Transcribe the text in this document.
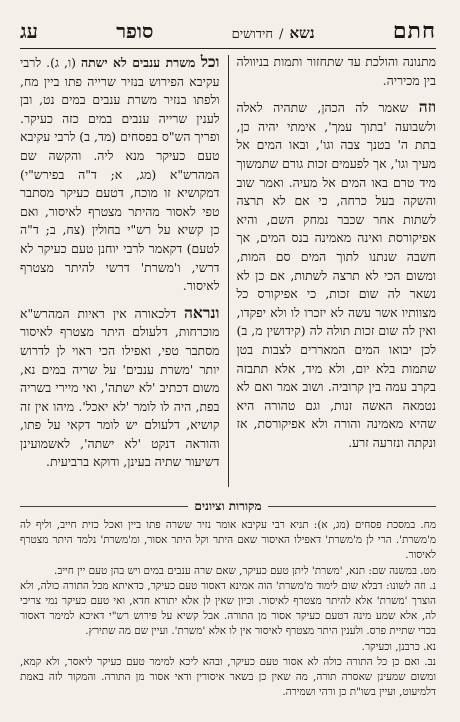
חתם
נשא
/
חידושים
סופר
עג

מתנונה והולכת עד שתחזור ותמות בניוולה בין מכיריה.

וזה שאמר לה הכהן, שתהיה לאלה ולשבועה 'בתוך עמך', אימתי יהיה כן, בתת ה' בטנך צבה וגו', ובאו המים אל מעיך וגו', אך לפעמים זכות גורם שתמשוך מיד טרם באו המים אל מעיה. ואמר שוב והשקה בעל כרחה, כי אם לא תרצה לשתות אחר שכבר נמחק השם, והיא אפיקורסת ואינה מאמינה בנס המים, אך חשבה שנתנו לתוך המים סם המות, ומשום הכי לא תרצה לשתות, אם כן לא נשאר לה שום זכות, כי אפיקורס כל מצוותיו אשר עשה לא יזכרו לו ולא יפקדו, ואין לה שום זכות תולה לה (קידושין מ, ב) לכן יבואו המים המאררים לצבות בטן שתמות בלא יום, ולא מיד, אלא תתבזה בקרב עמה בין קרוביה. ושוב אמר ואם לא נטמאה האשה זנות, וגם טהורה היא שהיא מאמינה והורה ולא אפיקורסת, אז ונקתה ונזרעה זרע.

וכל משרת ענבים לא ישתה (ו, ג). לרבי עקיבא הפירוש בנזיר שרייה פתו ביין מח, ולפתו בנזיר משרת ענבים במים נט, ובן לענין שרייה ענבים במים כזה כעיקר. ופריך הש"ס בפסחים (מד, ב) לרבי עקיבא טעם כעיקר מנא ליה. והקשה שם המהרש"א (מג, א; ד"ה בפירש"י) דמקושיא זו מוכח, דטעם כעיקר מסתבר טפי לאסור מהיתר מצטרף לאיסור, ואם כן קשיא על רש"י בחולין (צח, ב; ד"ה לטעם) דקאמר לרבי יוחנן טעם כעיקר לא דרשי, ו'משרת' דרשי להיתר מצטרף לאיסור.

ונראה דלכאורה אין ראיות המהרש"א מוכרחות, דלעולם היתר מצטרף לאיסור מסתבר טפי, ואפילו הכי ראוי לן לדרוש יותר 'משרת ענבים' על שריה במים נא, משום דכתיב 'לא ישתה', ואי מיירי בשריה בפת, היה לו לומר 'לא יאכל'. מיהו אין זה קושיא, דלעולם יש לומר דקאי על פתו, והוראה דנקט 'לא ישתה', לאשמועינן דשיעור שתיה בעינן, ודוקא ברביעית.

מקורות וציונים

מח. במסכת פסחים (מג, א): תניא רבי עקיבא אומר נזיר ששרה פתו ביין ואכל כזית חייב, וליף לה מ'משרת'. הרי לן מ'משרת' דאפילו האיסור שאם היתר וקל היתר אסור, ומ'משרת' נלמד היתר מצטרף לאיסור.

מט. במשנה שם: תנא, 'משרת' ליתן טעם כעיקר, שאם שרה ענבים במים ויש בהן טעם יין חייב.

נ. וזה לשונו: דבלא שום לימוד מ'משרת' הוה אמינא דאסור טעם כעיקר, כדאיתא מכל התורה כולה, ולא הוצרך 'משרת' אלא להיתר מצטרף לאיסור. וכיון שאין לן אלא יתורא חדא, ואי טעם כעיקר נמי צריכי לה, אלא שמע מינה דטעם כעיקר אסור מן התורה. אבל קשיא על פירוש רש"י דאיכא למימר דאסור בכדי שתיית פרס. ולענין היתר מצטרף לאיסור אין לו אלא 'משרת'. ועיין שם מה שתירץ.

נא. כרבנן, וכעיקר.

נב. ואם כן כל התורה כולה לא אסור טעם כעיקר, ובהא ליכא למימר טעם כעיקר ליאסר, ולא קמא, ומשום שמעינן שאסרה תורה, מה שאין כן בשאר איסורין ודאי אסור מן התורה. והמקור לזה באמת דלמיעוט, ועיין בשו"ת כן ורהי ושמירה.
